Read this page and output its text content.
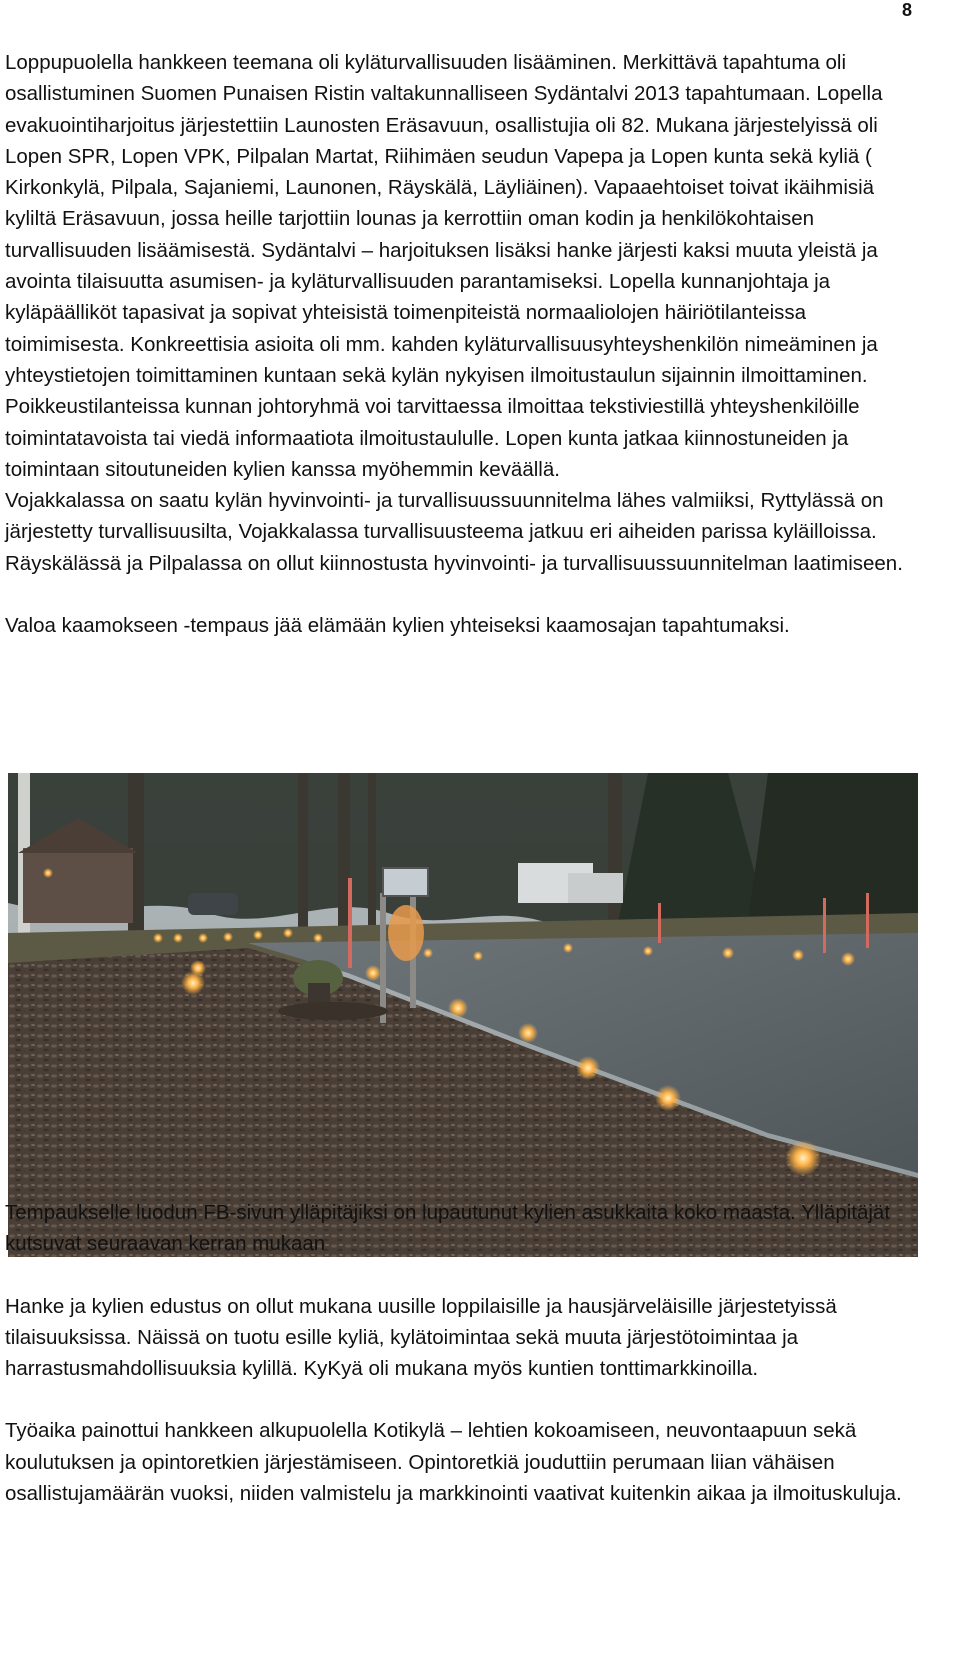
8

Loppupuolella hankkeen teemana oli kyläturvallisuuden lisääminen. Merkittävä tapahtuma oli osallistuminen Suomen Punaisen Ristin valtakunnalliseen Sydäntalvi 2013 tapahtumaan. Lopella evakuointiharjoitus järjestettiin Launosten Eräsavuun, osallistujia oli 82. Mukana järjestelyissä oli Lopen SPR, Lopen VPK, Pilpalan Martat, Riihimäen seudun Vapepa ja Lopen kunta sekä kyliä ( Kirkonkylä, Pilpala, Sajaniemi, Launonen, Räyskälä, Läyliäinen). Vapaaehtoiset toivat ikäihmisiä kyliltä Eräsavuun, jossa heille tarjottiin lounas ja kerrottiin oman kodin ja henkilökohtaisen turvallisuuden lisäämisestä. Sydäntalvi – harjoituksen lisäksi hanke järjesti kaksi muuta yleistä ja avointa tilaisuutta asumisen- ja kyläturvallisuuden parantamiseksi. Lopella kunnanjohtaja ja kyläpäälliköt tapasivat ja sopivat yhteisistä toimenpiteistä normaaliolojen häiriötilanteissa toimimisesta. Konkreettisia asioita oli mm. kahden kyläturvallisuusyhteyshenkilön nimeäminen ja yhteystietojen toimittaminen kuntaan sekä kylän nykyisen ilmoitustaulun sijainnin ilmoittaminen. Poikkeustilanteissa kunnan johtoryhmä voi tarvittaessa ilmoittaa tekstiviestillä yhteyshenkilöille toimintatavoista tai viedä informaatiota ilmoitustaululle. Lopen kunta jatkaa kiinnostuneiden ja toimintaan sitoutuneiden kylien kanssa myöhemmin keväällä.

Vojakkalassa on saatu kylän hyvinvointi- ja turvallisuussuunnitelma lähes valmiiksi, Ryttylässä on järjestetty turvallisuusilta, Vojakkalassa turvallisuusteema jatkuu eri aiheiden parissa kyläilloissa. Räyskälässä ja Pilpalassa on ollut kiinnostusta hyvinvointi- ja turvallisuussuunnitelman laatimiseen.

Valoa kaamokseen -tempaus jää elämään kylien yhteiseksi kaamosajan tapahtumaksi.

Tempaukselle luodun FB-sivun ylläpitäjiksi on lupautunut kylien asukkaita koko maasta. Ylläpitäjät kutsuvat seuraavan kerran mukaan

Hanke ja kylien edustus on ollut mukana uusille loppilaisille ja hausjärveläisille järjestetyissä tilaisuuksissa. Näissä on tuotu esille kyliä, kylätoimintaa sekä muuta järjestötoimintaa ja harrastusmahdollisuuksia kylillä. KyKyä oli mukana myös kuntien tonttimarkkinoilla.

Työaika painottui hankkeen alkupuolella Kotikylä – lehtien kokoamiseen, neuvontaapuun sekä koulutuksen ja opintoretkien järjestämiseen. Opintoretkiä jouduttiin perumaan liian vähäisen osallistujamäärän vuoksi, niiden valmistelu ja markkinointi vaativat kuitenkin aikaa ja ilmoituskuluja.
